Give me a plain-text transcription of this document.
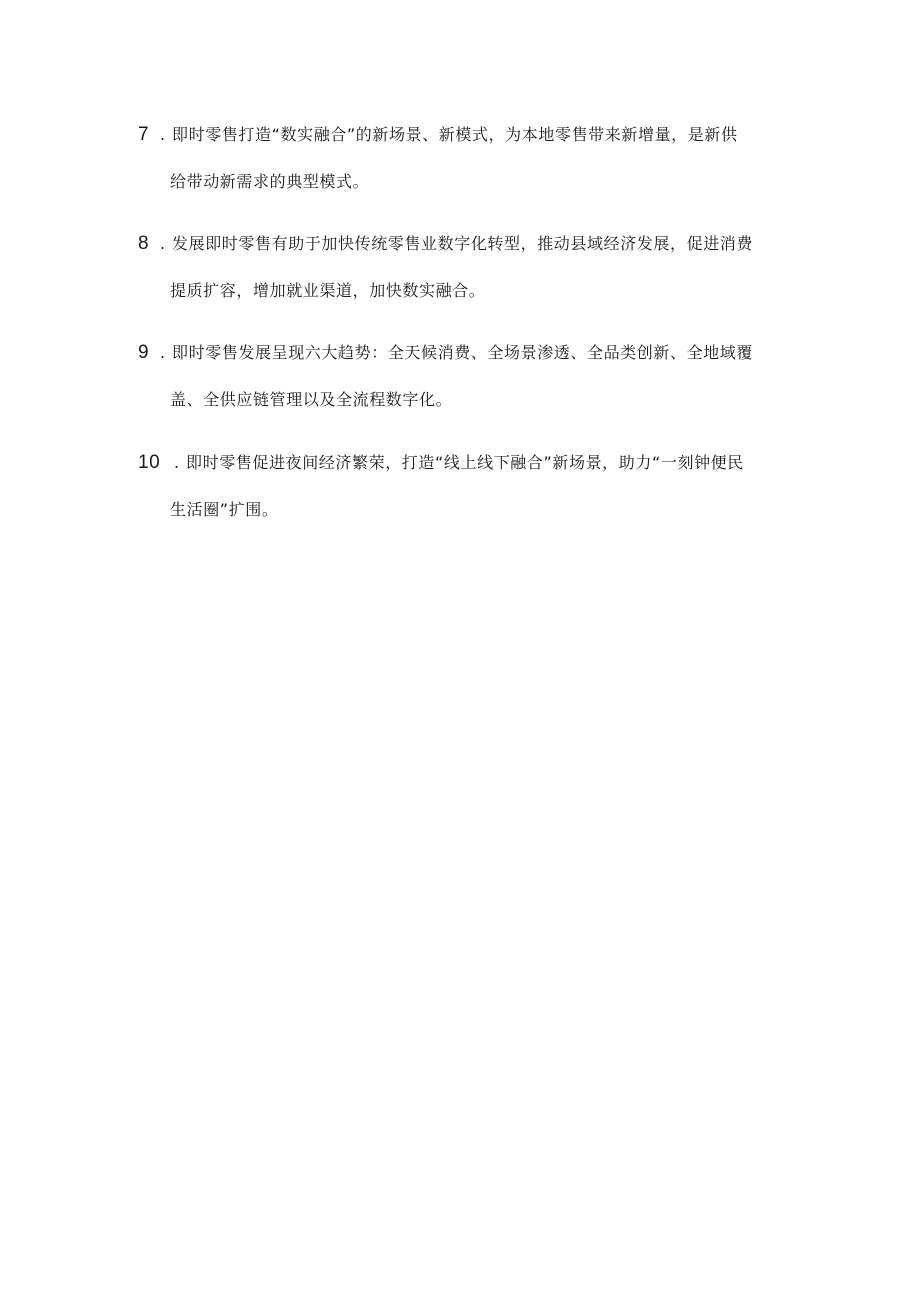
7 . 即时零售打造“数实融合”的新场景、新模式，为本地零售带来新增量，是新供
给带动新需求的典型模式。
8 . 发展即时零售有助于加快传统零售业数字化转型，推动县域经济发展，促进消费
提质扩容，增加就业渠道，加快数实融合。
9 . 即时零售发展呈现六大趋势：全天候消费、全场景渗透、全品类创新、全地域覆
盖、全供应链管理以及全流程数字化。
10 . 即时零售促进夜间经济繁荣，打造“线上线下融合”新场景，助力“一刻钟便民
生活圈”扩围。
